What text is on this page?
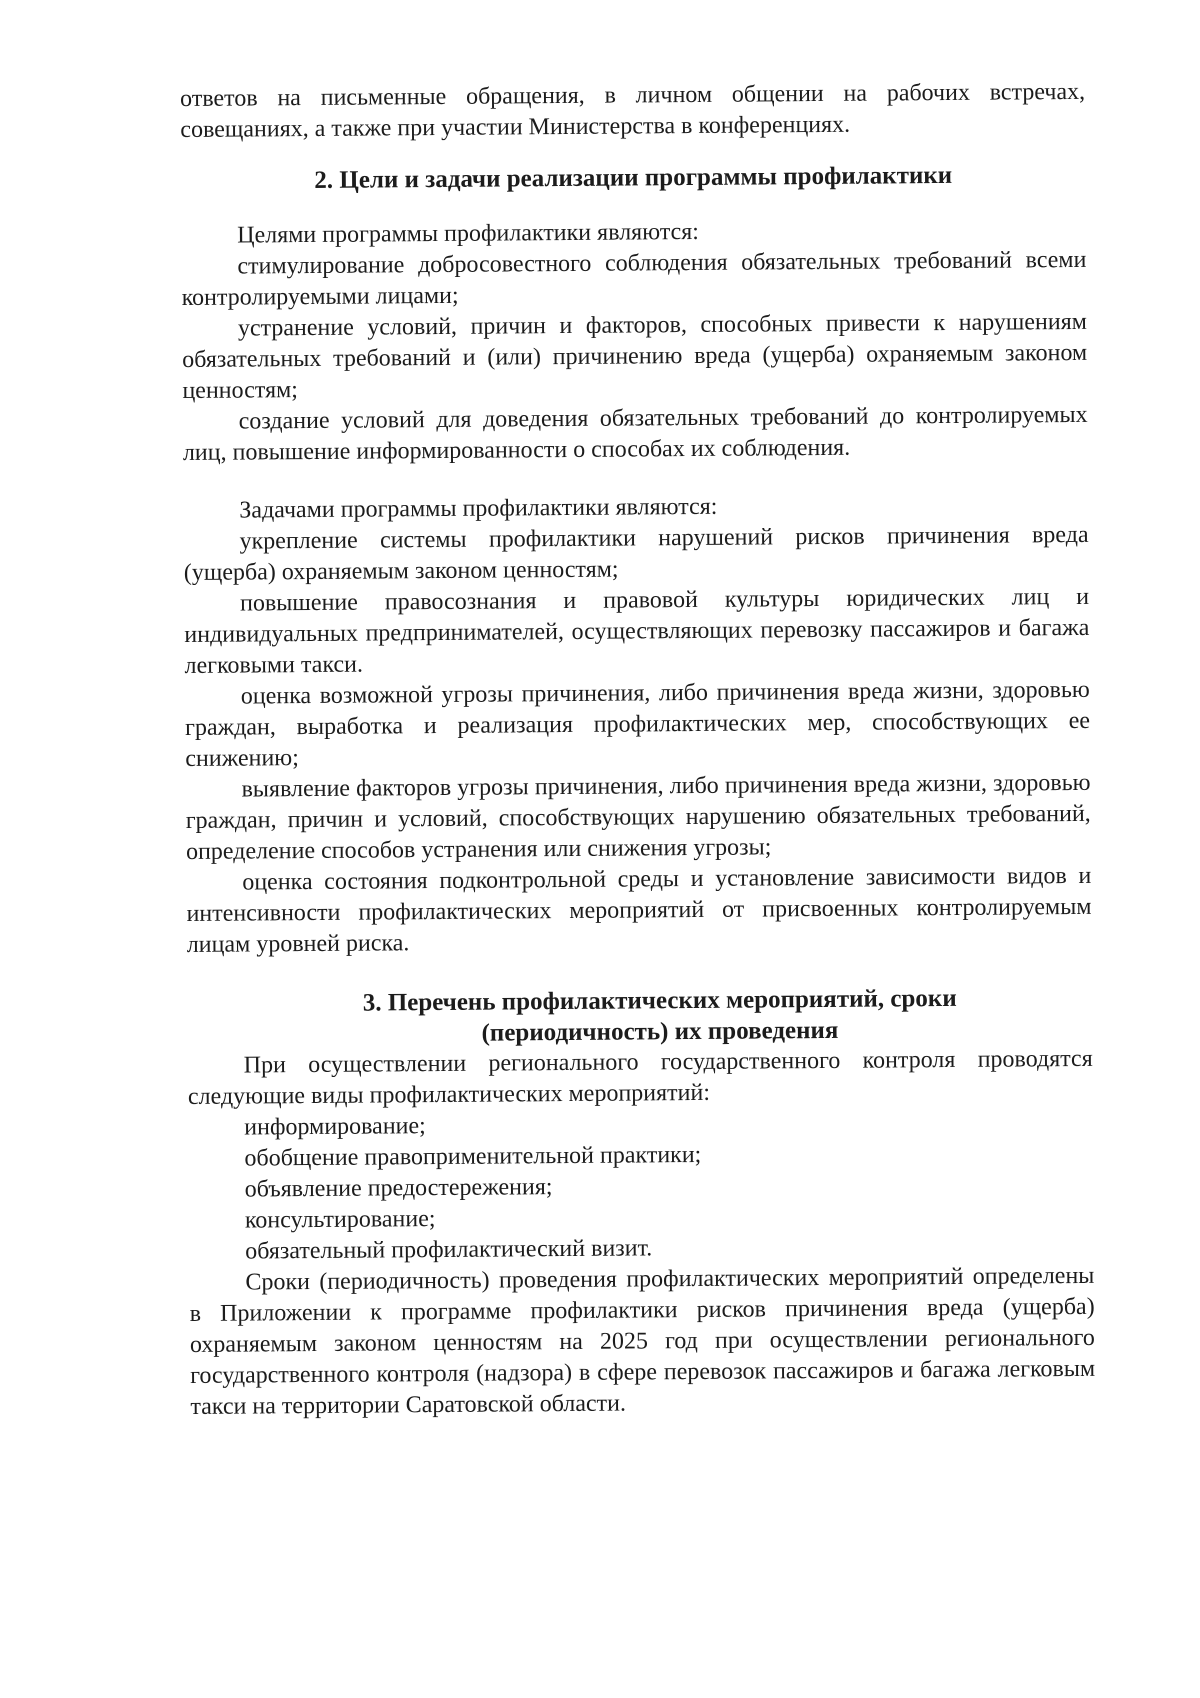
ответов на письменные обращения, в личном общении на рабочих встречах, совещаниях, а также при участии Министерства в конференциях.

2. Цели и задачи реализации программы профилактики

Целями программы профилактики являются:

стимулирование добросовестного соблюдения обязательных требований всеми контролируемыми лицами;

устранение условий, причин и факторов, способных привести к нарушениям обязательных требований и (или) причинению вреда (ущерба) охраняемым законом ценностям;

создание условий для доведения обязательных требований до контролируемых лиц, повышение информированности о способах их соблюдения.

Задачами программы профилактики являются:

укрепление системы профилактики нарушений рисков причинения вреда (ущерба) охраняемым законом ценностям;

повышение правосознания и правовой культуры юридических лиц и индивидуальных предпринимателей, осуществляющих перевозку пассажиров и багажа легковыми такси.

оценка возможной угрозы причинения, либо причинения вреда жизни, здоровью граждан, выработка и реализация профилактических мер, способствующих ее снижению;

выявление факторов угрозы причинения, либо причинения вреда жизни, здоровью граждан, причин и условий, способствующих нарушению обязательных требований, определение способов устранения или снижения угрозы;

оценка состояния подконтрольной среды и установление зависимости видов и интенсивности профилактических мероприятий от присвоенных контролируемым лицам уровней риска.

3. Перечень профилактических мероприятий, сроки
(периодичность) их проведения

При осуществлении регионального государственного контроля проводятся следующие виды профилактических мероприятий:

информирование;

обобщение правоприменительной практики;

объявление предостережения;

консультирование;

обязательный профилактический визит.

Сроки (периодичность) проведения профилактических мероприятий определены в Приложении к программе профилактики рисков причинения вреда (ущерба) охраняемым законом ценностям на 2025 год при осуществлении регионального государственного контроля (надзора) в сфере перевозок пассажиров и багажа легковым такси на территории Саратовской области.
